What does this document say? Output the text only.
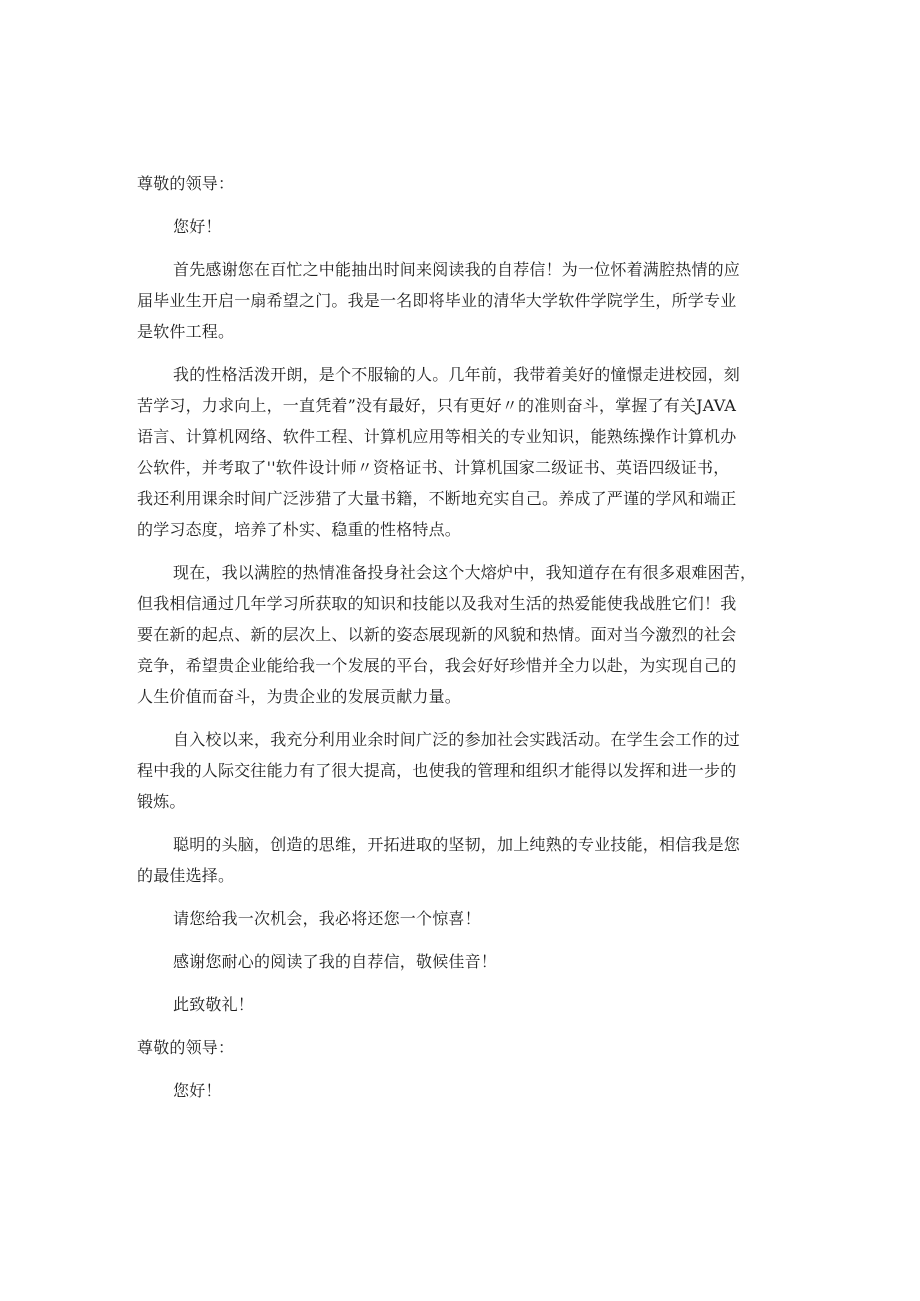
尊敬的领导：

您好！

首先感谢您在百忙之中能抽出时间来阅读我的自荐信！为一位怀着满腔热情的应

届毕业生开启一扇希望之门。我是一名即将毕业的清华大学软件学院学生，所学专业

是软件工程。

我的性格活泼开朗，是个不服输的人。几年前，我带着美好的憧憬走进校园，刻

苦学习，力求向上，一直凭着”没有最好，只有更好〃的准则奋斗，掌握了有关JAVA

语言、计算机网络、软件工程、计算机应用等相关的专业知识，能熟练操作计算机办

公软件，并考取了''软件设计师〃资格证书、计算机国家二级证书、英语四级证书，

我还利用课余时间广泛涉猎了大量书籍，不断地充实自己。养成了严谨的学风和端正

的学习态度，培养了朴实、稳重的性格特点。

现在，我以满腔的热情准备投身社会这个大熔炉中，我知道存在有很多艰难困苦，

但我相信通过几年学习所获取的知识和技能以及我对生活的热爱能使我战胜它们！我

要在新的起点、新的层次上、以新的姿态展现新的风貌和热情。面对当今激烈的社会

竞争，希望贵企业能给我一个发展的平台，我会好好珍惜并全力以赴，为实现自己的

人生价值而奋斗，为贵企业的发展贡献力量。

自入校以来，我充分利用业余时间广泛的参加社会实践活动。在学生会工作的过

程中我的人际交往能力有了很大提高，也使我的管理和组织才能得以发挥和进一步的

锻炼。

聪明的头脑，创造的思维，开拓进取的坚韧，加上纯熟的专业技能，相信我是您

的最佳选择。

请您给我一次机会，我必将还您一个惊喜！

感谢您耐心的阅读了我的自荐信，敬候佳音！

此致敬礼！

尊敬的领导：

您好！
